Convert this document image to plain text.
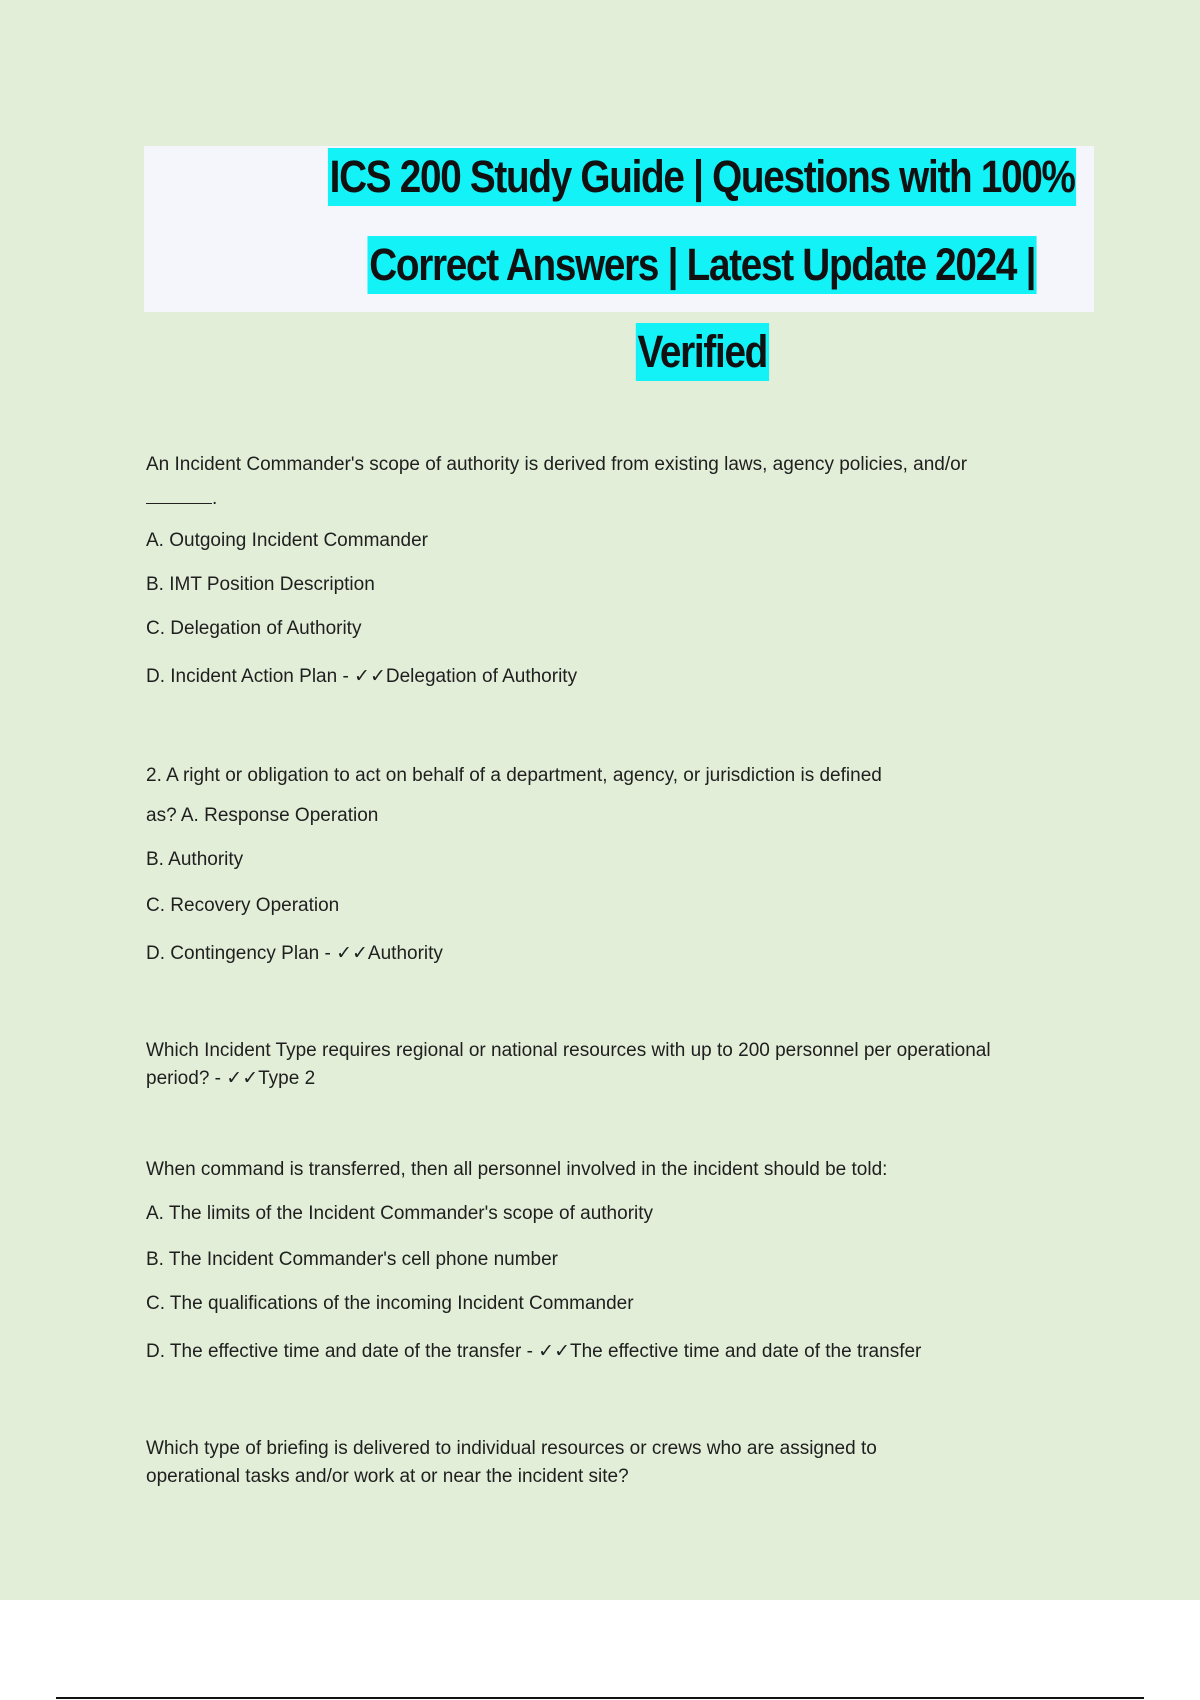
ICS 200 Study Guide | Questions with 100%
Correct Answers | Latest Update 2024 |
Verified

An Incident Commander's scope of authority is derived from existing laws, agency policies, and/or

.

A. Outgoing Incident Commander

B. IMT Position Description

C. Delegation of Authority

D. Incident Action Plan - ✓✓Delegation of Authority

2. A right or obligation to act on behalf of a department, agency, or jurisdiction is defined

as? A. Response Operation

B. Authority

C. Recovery Operation

D. Contingency Plan - ✓✓Authority

Which Incident Type requires regional or national resources with up to 200 personnel per operational

period? - ✓✓Type 2

When command is transferred, then all personnel involved in the incident should be told:

A. The limits of the Incident Commander's scope of authority

B. The Incident Commander's cell phone number

C. The qualifications of the incoming Incident Commander

D. The effective time and date of the transfer - ✓✓The effective time and date of the transfer

Which type of briefing is delivered to individual resources or crews who are assigned to

operational tasks and/or work at or near the incident site?
